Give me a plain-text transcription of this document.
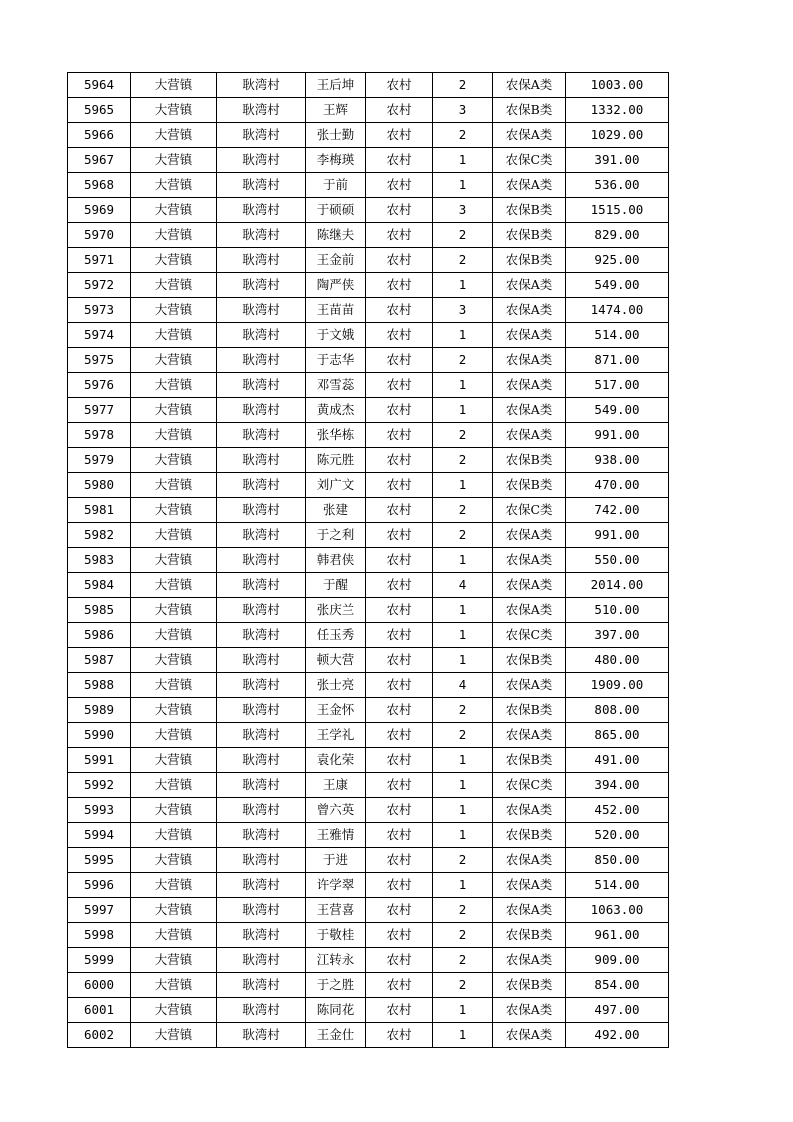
5964	大营镇	耿湾村	王后坤	农村	2	农保A类	1003.00
5965	大营镇	耿湾村	王辉	农村	3	农保B类	1332.00
5966	大营镇	耿湾村	张士勤	农村	2	农保A类	1029.00
5967	大营镇	耿湾村	李梅瑛	农村	1	农保C类	391.00
5968	大营镇	耿湾村	于前	农村	1	农保A类	536.00
5969	大营镇	耿湾村	于硕硕	农村	3	农保B类	1515.00
5970	大营镇	耿湾村	陈继夫	农村	2	农保B类	829.00
5971	大营镇	耿湾村	王金前	农村	2	农保B类	925.00
5972	大营镇	耿湾村	陶严侠	农村	1	农保A类	549.00
5973	大营镇	耿湾村	王苗苗	农村	3	农保A类	1474.00
5974	大营镇	耿湾村	于文娥	农村	1	农保A类	514.00
5975	大营镇	耿湾村	于志华	农村	2	农保A类	871.00
5976	大营镇	耿湾村	邓雪蕊	农村	1	农保A类	517.00
5977	大营镇	耿湾村	黄成杰	农村	1	农保A类	549.00
5978	大营镇	耿湾村	张华栋	农村	2	农保A类	991.00
5979	大营镇	耿湾村	陈元胜	农村	2	农保B类	938.00
5980	大营镇	耿湾村	刘广文	农村	1	农保B类	470.00
5981	大营镇	耿湾村	张建	农村	2	农保C类	742.00
5982	大营镇	耿湾村	于之利	农村	2	农保A类	991.00
5983	大营镇	耿湾村	韩君侠	农村	1	农保A类	550.00
5984	大营镇	耿湾村	于醒	农村	4	农保A类	2014.00
5985	大营镇	耿湾村	张庆兰	农村	1	农保A类	510.00
5986	大营镇	耿湾村	任玉秀	农村	1	农保C类	397.00
5987	大营镇	耿湾村	顿大营	农村	1	农保B类	480.00
5988	大营镇	耿湾村	张士亮	农村	4	农保A类	1909.00
5989	大营镇	耿湾村	王金怀	农村	2	农保B类	808.00
5990	大营镇	耿湾村	王学礼	农村	2	农保A类	865.00
5991	大营镇	耿湾村	袁化荣	农村	1	农保B类	491.00
5992	大营镇	耿湾村	王康	农村	1	农保C类	394.00
5993	大营镇	耿湾村	曾六英	农村	1	农保A类	452.00
5994	大营镇	耿湾村	王雅情	农村	1	农保B类	520.00
5995	大营镇	耿湾村	于进	农村	2	农保A类	850.00
5996	大营镇	耿湾村	许学翠	农村	1	农保A类	514.00
5997	大营镇	耿湾村	王营喜	农村	2	农保A类	1063.00
5998	大营镇	耿湾村	于敬桂	农村	2	农保B类	961.00
5999	大营镇	耿湾村	江转永	农村	2	农保A类	909.00
6000	大营镇	耿湾村	于之胜	农村	2	农保B类	854.00
6001	大营镇	耿湾村	陈同花	农村	1	农保A类	497.00
6002	大营镇	耿湾村	王金仕	农村	1	农保A类	492.00
